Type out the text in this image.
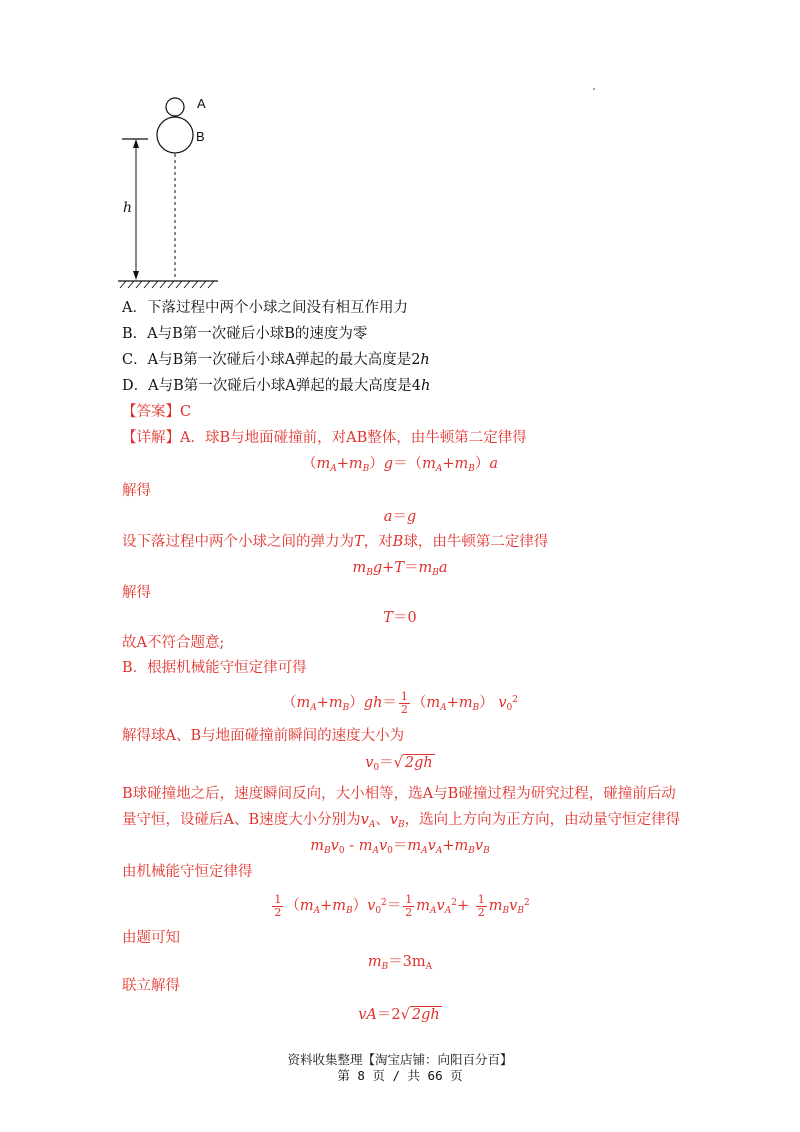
A
B
h
A．下落过程中两个小球之间没有相互作用力
B．A与B第一次碰后小球B的速度为零
C．A与B第一次碰后小球A弹起的最大高度是2h
D．A与B第一次碰后小球A弹起的最大高度是4h
【答案】C
【详解】A．球B与地面碰撞前，对AB整体，由牛顿第二定律得
$(m_A+m_B)g=(m_A+m_B)a$
解得
a＝g
设下落过程中两个小球之间的弹力为T，对B球，由牛顿第二定律得
$m_Bg+T=m_Ba$
解得
T＝0
故A不符合题意;
B．根据机械能守恒定律可得
$(m_A+m_B)gh= \frac{1}{2} (m_A+m_B)$ $v_0^2$
解得球A、B与地面碰撞前瞬间的速度大小为
$v_0=√$ 2gh
B球碰撞地之后，速度瞬间反向，大小相等，选A与B碰撞过程为研究过程，碰撞前后动
量守恒，设碰后A、B速度大小分别为$v_A$、$v_B$，选向上方向为正方向，由动量守恒定律得
$m_Bv_0 - m_Av_0=m_Av_A+m_Bv_B$
由机械能守恒定律得
$\frac{1}{2} (m_A+m_B)v_0^2= \frac{1}{2} m_Av_A^2+ \frac{1}{2} m_Bv_B^2$
由题可知
$m_B=3m_A$
联立解得
vA＝2√ 2gh
资料收集整理【淘宝店铺：向阳百分百】
第 8 页 / 共 66 页
